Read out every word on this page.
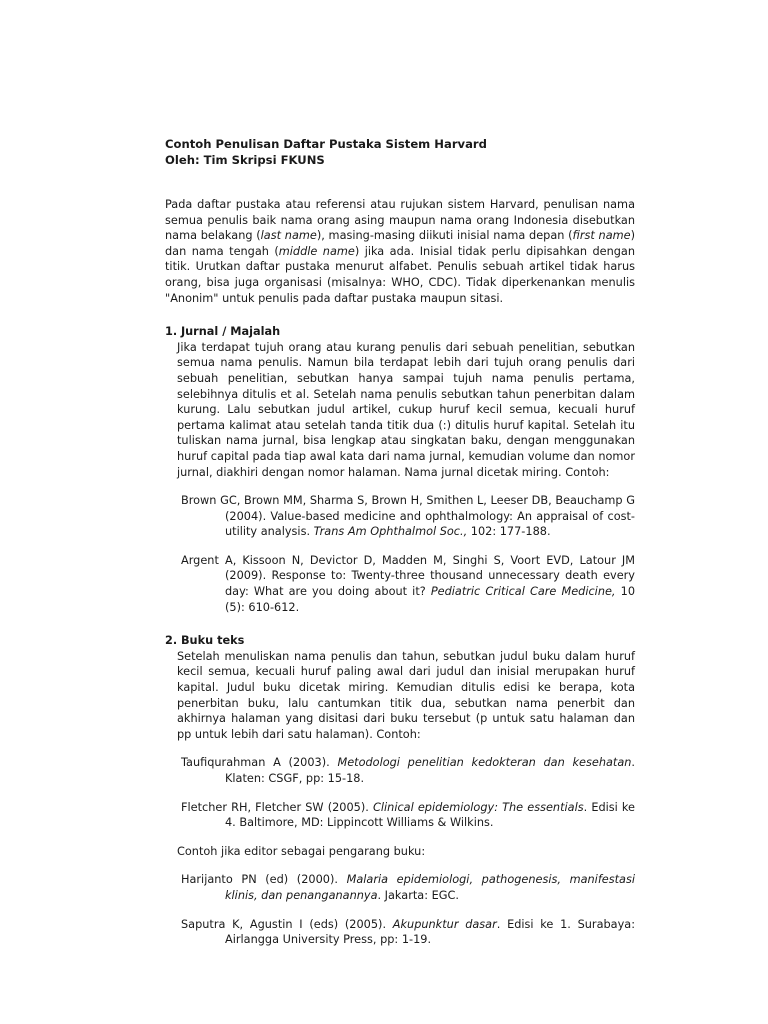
Contoh Penulisan Daftar Pustaka Sistem Harvard
Oleh: Tim Skripsi FKUNS

Pada daftar pustaka atau referensi atau rujukan sistem Harvard, penulisan nama semua penulis baik nama orang asing maupun nama orang Indonesia disebutkan nama belakang (last name), masing-masing diikuti inisial nama depan (first name) dan nama tengah (middle name) jika ada. Inisial tidak perlu dipisahkan dengan titik. Urutkan daftar pustaka menurut alfabet. Penulis sebuah artikel tidak harus orang, bisa juga organisasi (misalnya: WHO, CDC). Tidak diperkenankan menulis "Anonim" untuk penulis pada daftar pustaka maupun sitasi.

1. Jurnal / Majalah

Jika terdapat tujuh orang atau kurang penulis dari sebuah penelitian, sebutkan semua nama penulis. Namun bila terdapat lebih dari tujuh orang penulis dari sebuah penelitian, sebutkan hanya sampai tujuh nama penulis pertama, selebihnya ditulis et al. Setelah nama penulis sebutkan tahun penerbitan dalam kurung. Lalu sebutkan judul artikel, cukup huruf kecil semua, kecuali huruf pertama kalimat atau setelah tanda titik dua (:) ditulis huruf kapital. Setelah itu tuliskan nama jurnal, bisa lengkap atau singkatan baku, dengan menggunakan huruf capital pada tiap awal kata dari nama jurnal, kemudian volume dan nomor jurnal, diakhiri dengan nomor halaman. Nama jurnal dicetak miring. Contoh:

Brown GC, Brown MM, Sharma S, Brown H, Smithen L, Leeser DB, Beauchamp G (2004). Value-based medicine and ophthalmology: An appraisal of cost-utility analysis. Trans Am Ophthalmol Soc., 102: 177-188.

Argent A, Kissoon N, Devictor D, Madden M, Singhi S, Voort EVD, Latour JM (2009). Response to: Twenty-three thousand unnecessary death every day: What are you doing about it? Pediatric Critical Care Medicine, 10 (5): 610-612.

2. Buku teks

Setelah menuliskan nama penulis dan tahun, sebutkan judul buku dalam huruf kecil semua, kecuali huruf paling awal dari judul dan inisial merupakan huruf kapital. Judul buku dicetak miring. Kemudian ditulis edisi ke berapa, kota penerbitan buku, lalu cantumkan titik dua, sebutkan nama penerbit dan akhirnya halaman yang disitasi dari buku tersebut (p untuk satu halaman dan pp untuk lebih dari satu halaman). Contoh:

Taufiqurahman A (2003). Metodologi penelitian kedokteran dan kesehatan. Klaten: CSGF, pp: 15-18.

Fletcher RH, Fletcher SW (2005). Clinical epidemiology: The essentials. Edisi ke 4. Baltimore, MD: Lippincott Williams & Wilkins.

Contoh jika editor sebagai pengarang buku:

Harijanto PN (ed) (2000). Malaria epidemiologi, pathogenesis, manifestasi klinis, dan penanganannya. Jakarta: EGC.

Saputra K, Agustin I (eds) (2005). Akupunktur dasar. Edisi ke 1. Surabaya: Airlangga University Press, pp: 1-19.
